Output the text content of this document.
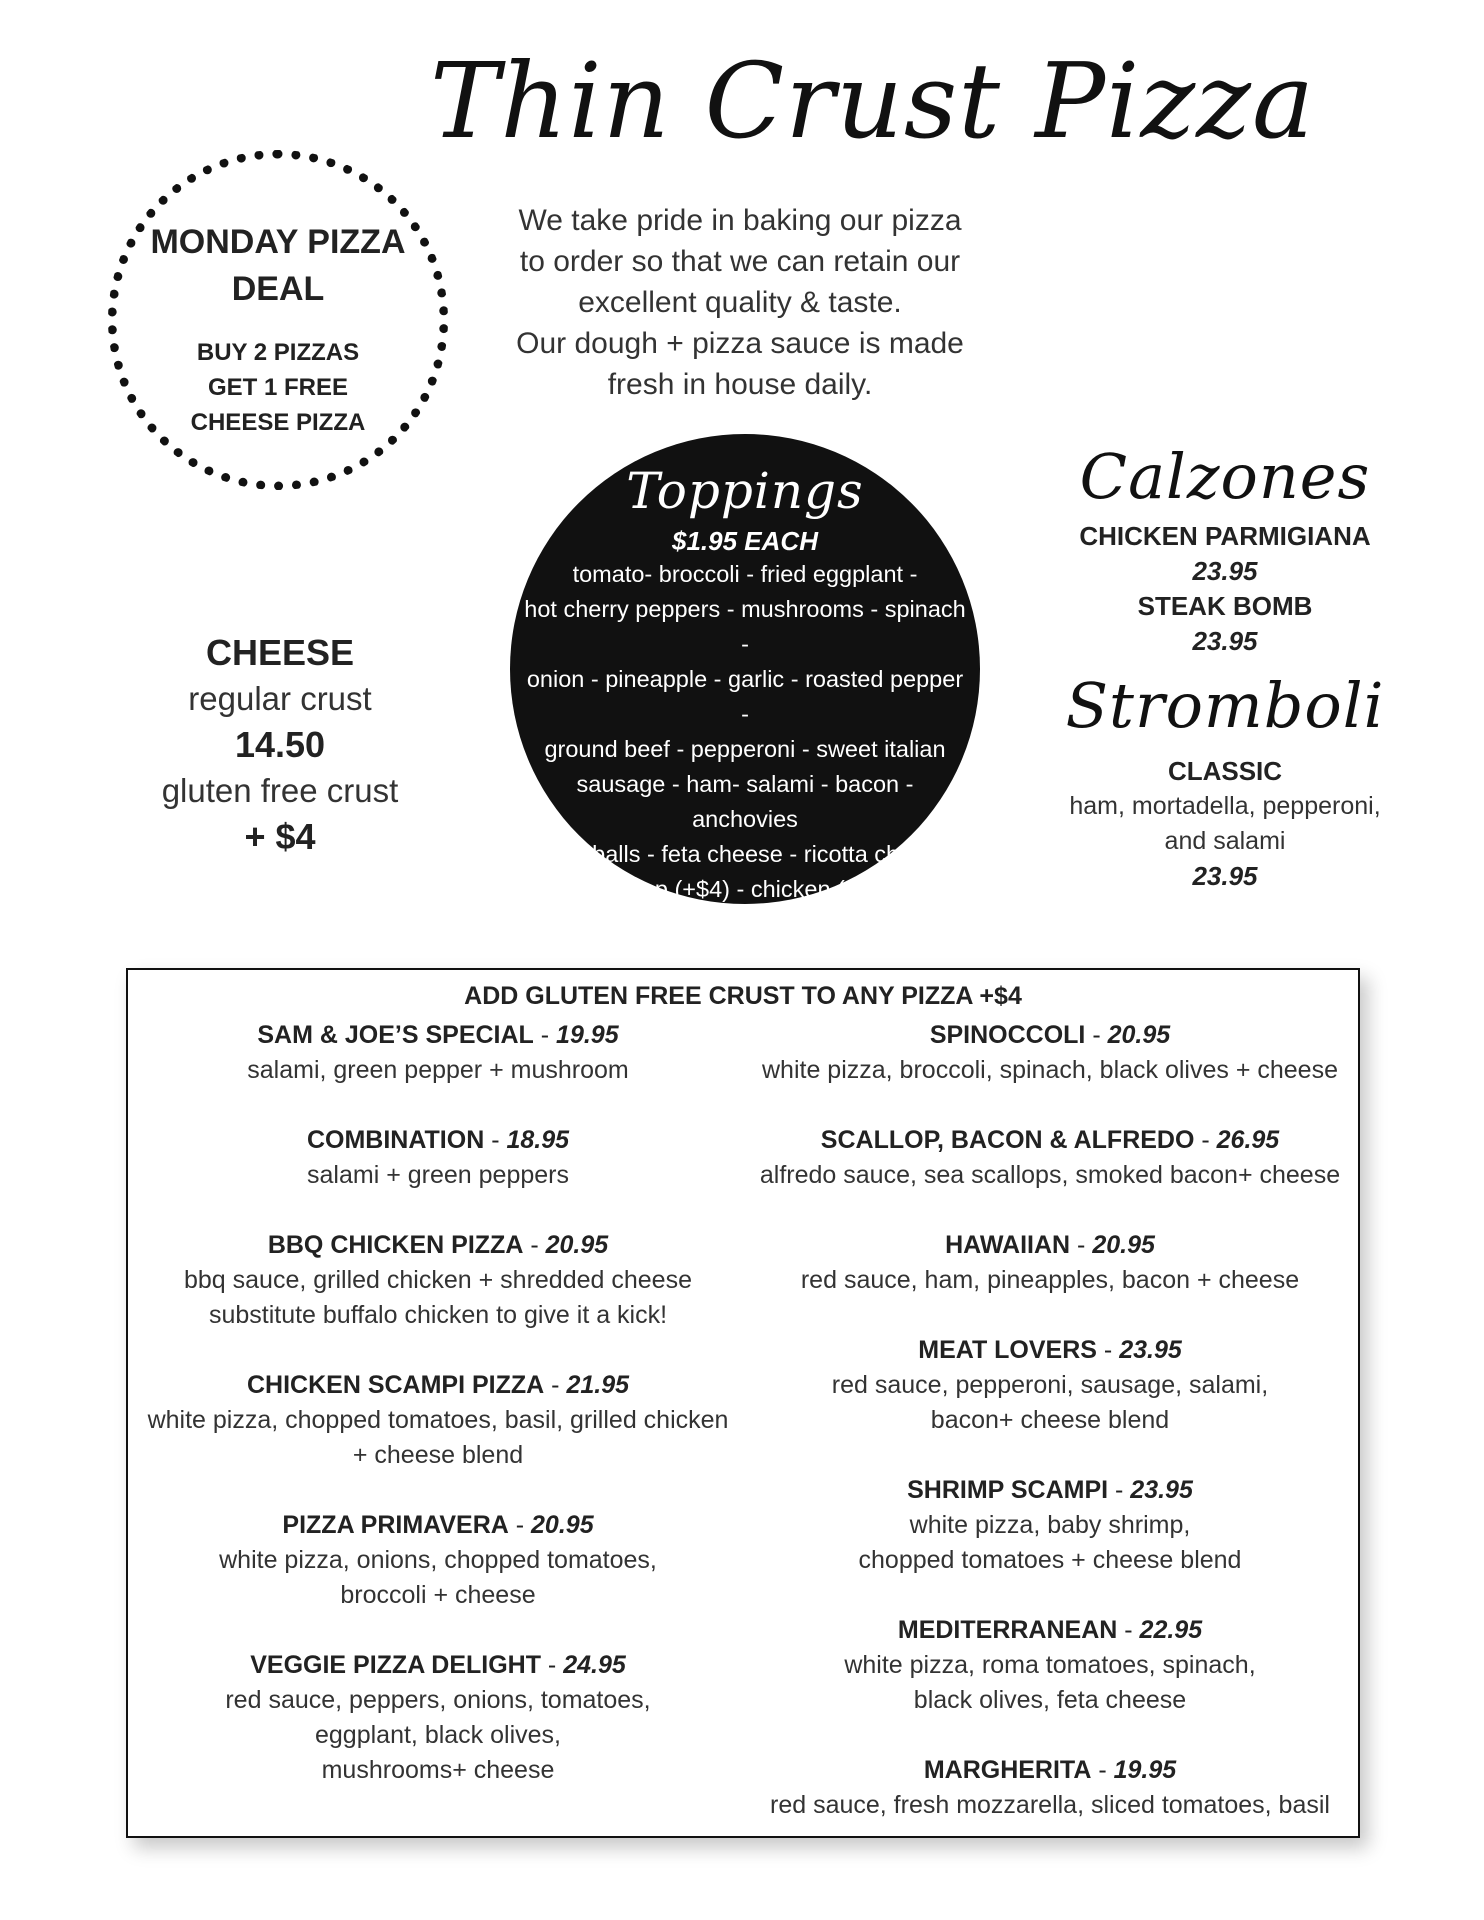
Thin Crust Pizza
We take pride in baking our pizza
to order so that we can retain our
excellent quality & taste.
Our dough + pizza sauce is made
fresh in house daily.
MONDAY PIZZA DEAL
BUY 2 PIZZAS
GET 1 FREE
CHEESE PIZZA
Toppings
$1.95 EACH
tomato- broccoli - fried eggplant -
hot cherry peppers - mushrooms - spinach -
onion - pineapple - garlic - roasted pepper -
ground beef - pepperoni - sweet italian
sausage - ham- salami - bacon - anchovies
- meatballs - feta cheese - ricotta cheese -
shrimp (+$4) - chicken (+$3)
CHEESE
regular crust
14.50
gluten free crust
+ $4
Calzones
CHICKEN PARMIGIANA
23.95
STEAK BOMB
23.95
Stromboli
CLASSIC
ham, mortadella, pepperoni,
and salami
23.95
ADD GLUTEN FREE CRUST TO ANY PIZZA +$4
SAM & JOE’S SPECIAL - 19.95
salami, green pepper + mushroom
COMBINATION - 18.95
salami + green peppers
BBQ CHICKEN PIZZA - 20.95
bbq sauce, grilled chicken + shredded cheese
substitute buffalo chicken to give it a kick!
CHICKEN SCAMPI PIZZA - 21.95
white pizza, chopped tomatoes, basil, grilled chicken
+ cheese blend
PIZZA PRIMAVERA - 20.95
white pizza, onions, chopped tomatoes,
broccoli + cheese
VEGGIE PIZZA DELIGHT - 24.95
red sauce, peppers, onions, tomatoes,
eggplant, black olives,
mushrooms+ cheese
SPINOCCOLI - 20.95
white pizza, broccoli, spinach, black olives + cheese
SCALLOP, BACON & ALFREDO - 26.95
alfredo sauce, sea scallops, smoked bacon+ cheese
HAWAIIAN - 20.95
red sauce, ham, pineapples, bacon + cheese
MEAT LOVERS - 23.95
red sauce, pepperoni, sausage, salami,
bacon+ cheese blend
SHRIMP SCAMPI - 23.95
white pizza, baby shrimp,
chopped tomatoes + cheese blend
MEDITERRANEAN - 22.95
white pizza, roma tomatoes, spinach,
black olives, feta cheese
MARGHERITA - 19.95
red sauce, fresh mozzarella, sliced tomatoes, basil
